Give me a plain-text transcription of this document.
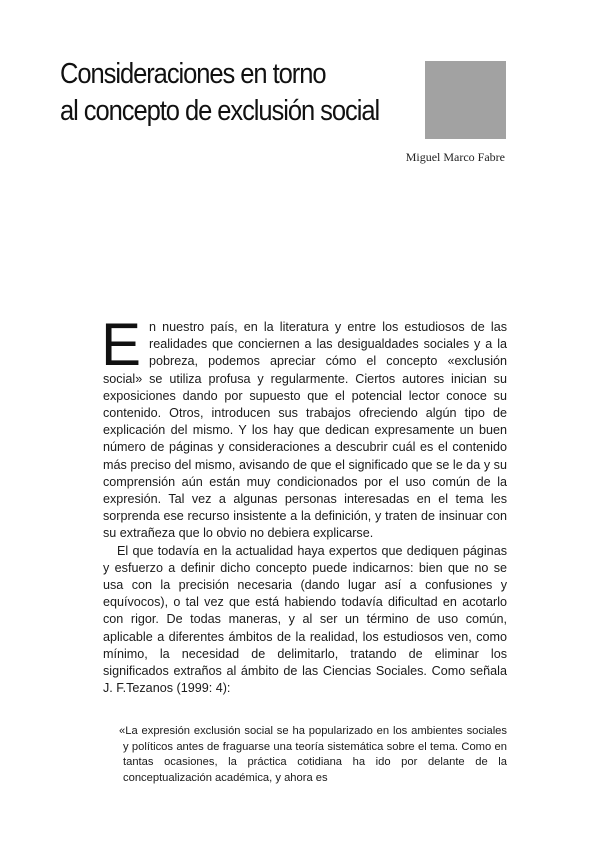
Consideraciones en torno
al concepto de exclusión social
Miguel Marco Fabre

En nuestro país, en la literatura y entre los estudiosos de las realidades que conciernen a las desigualdades sociales y a la pobreza, podemos apreciar cómo el concepto «exclusión social» se utiliza profusa y regularmente. Ciertos autores inician su exposiciones dando por supuesto que el potencial lector conoce su contenido. Otros, introducen sus trabajos ofreciendo algún tipo de explicación del mismo. Y los hay que dedican expresamente un buen número de páginas y consideraciones a descubrir cuál es el contenido más preciso del mismo, avisando de que el significado que se le da y su comprensión aún están muy condicionados por el uso común de la expresión. Tal vez a algunas personas interesadas en el tema les sorprenda ese recurso insistente a la definición, y traten de insinuar con su extrañeza que lo obvio no debiera explicarse.

El que todavía en la actualidad haya expertos que dediquen páginas y esfuerzo a definir dicho concepto puede indicarnos: bien que no se usa con la precisión necesaria (dando lugar así a confusiones y equívocos), o tal vez que está habiendo todavía dificultad en acotarlo con rigor. De todas maneras, y al ser un término de uso común, aplicable a diferentes ámbitos de la realidad, los estudiosos ven, como mínimo, la necesidad de delimitarlo, tratando de eliminar los significados extraños al ámbito de las Ciencias Sociales. Como señala J. F.Tezanos (1999: 4):

«La expresión exclusión social se ha popularizado en los ambientes sociales y políticos antes de fraguarse una teoría sistemática sobre el tema. Como en tantas ocasiones, la práctica cotidiana ha ido por delante de la conceptualización académica, y ahora es
